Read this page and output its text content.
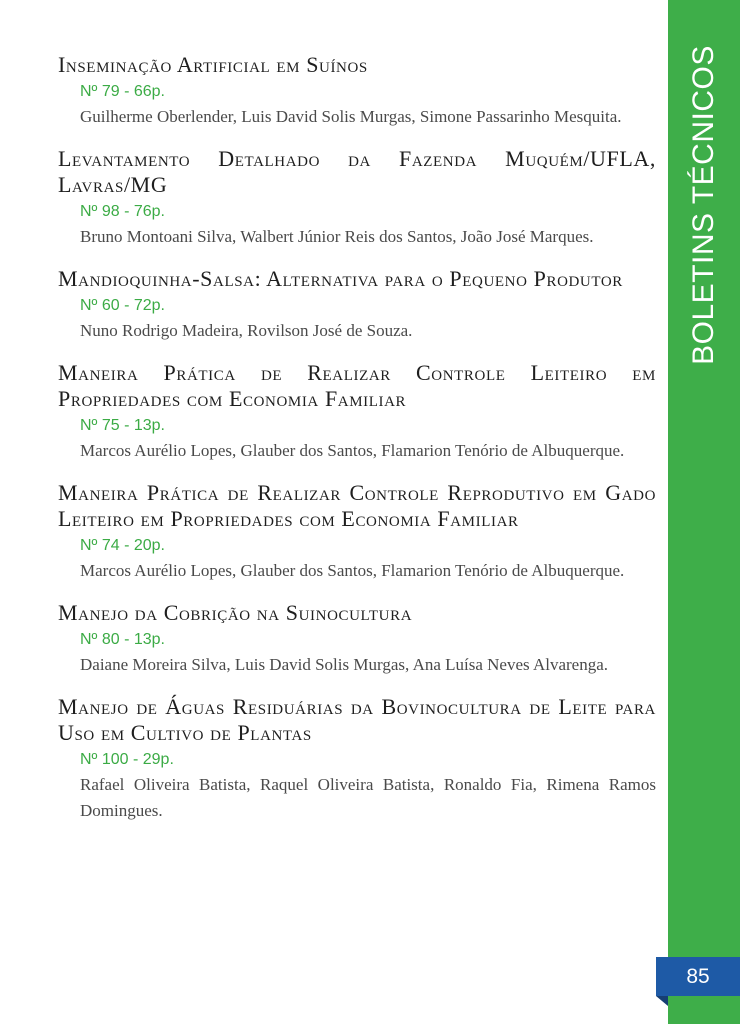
BOLETINS TÉCNICOS
Inseminação Artificial em Suínos
Nº 79 - 66p.
Guilherme Oberlender, Luis David Solis Murgas, Simone Passarinho Mesquita.
Levantamento Detalhado da Fazenda Muquém/UFLA, Lavras/MG
Nº 98 - 76p.
Bruno Montoani Silva, Walbert Júnior Reis dos Santos, João José Marques.
Mandioquinha-Salsa: Alternativa para o Pequeno Produtor
Nº 60 - 72p.
Nuno Rodrigo Madeira, Rovilson José de Souza.
Maneira Prática de Realizar Controle Leiteiro em Propriedades com Economia Familiar
Nº 75 - 13p.
Marcos Aurélio Lopes, Glauber dos Santos, Flamarion Tenório de Albuquerque.
Maneira Prática de Realizar Controle Reprodutivo em Gado Leiteiro em Propriedades com Economia Familiar
Nº 74 - 20p.
Marcos Aurélio Lopes, Glauber dos Santos, Flamarion Tenório de Albuquerque.
Manejo da Cobrição na Suinocultura
Nº 80 - 13p.
Daiane Moreira Silva, Luis David Solis Murgas, Ana Luísa Neves Alvarenga.
Manejo de Águas Residuárias da Bovinocultura de Leite para Uso em Cultivo de Plantas
Nº 100 - 29p.
Rafael Oliveira Batista, Raquel Oliveira Batista, Ronaldo Fia, Rimena Ramos Domingues.
85
